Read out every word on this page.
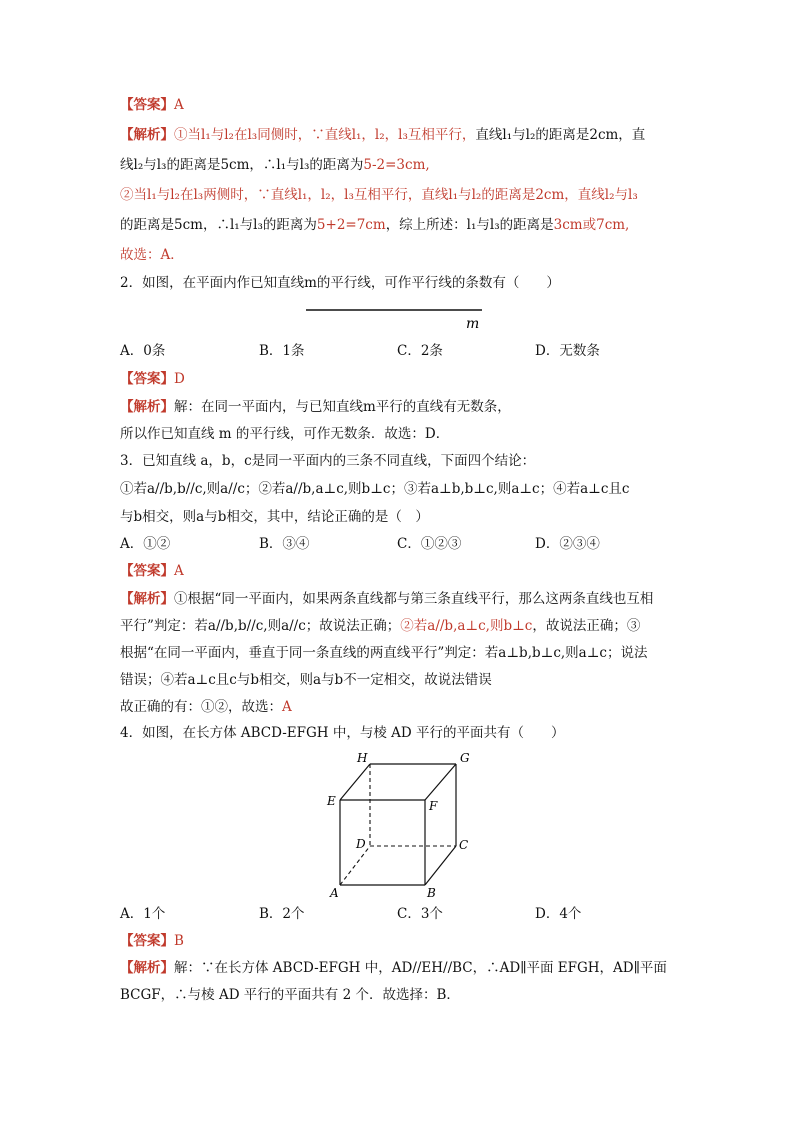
【答案】A
【解析】①当l₁与l₂在l₃同侧时，∵直线l₁，l₂，l₃互相平行，直线l₁与l₂的距离是2cm，直
线l₂与l₃的距离是5cm，∴l₁与l₃的距离为5-2=3cm,
②当l₁与l₂在l₃两侧时，∵直线l₁，l₂，l₃互相平行，直线l₁与l₂的距离是2cm，直线l₂与l₃
的距离是5cm，∴l₁与l₃的距离为5+2=7cm，综上所述：l₁与l₃的距离是3cm或7cm,
故选：A．
2．如图，在平面内作已知直线m的平行线，可作平行线的条数有（　　）
m
A．0条	B．1条	C．2条	D．无数条
【答案】D
【解析】解：在同一平面内，与已知直线m平行的直线有无数条，
所以作已知直线 m 的平行线，可作无数条．故选：D．
3．已知直线 a，b，c是同一平面内的三条不同直线，下面四个结论：
①若a//b,b//c,则a//c；②若a//b,a⊥c,则b⊥c；③若a⊥b,b⊥c,则a⊥c；④若a⊥c且c
与b相交，则a与b相交，其中，结论正确的是（　）
A．①②	B．③④	C．①②③	D．②③④
【答案】A
【解析】①根据“同一平面内，如果两条直线都与第三条直线平行，那么这两条直线也互相
平行”判定：若a//b,b//c,则a//c；故说法正确；②若a//b,a⊥c,则b⊥c，故说法正确；③
根据“在同一平面内，垂直于同一条直线的两直线平行”判定：若a⊥b,b⊥c,则a⊥c；说法
错误；④若a⊥c且c与b相交，则a与b不一定相交，故说法错误
故正确的有：①②，故选：A
4．如图，在长方体 ABCD-EFGH 中，与棱 AD 平行的平面共有（　　）
H	G
E	F
D	C
A	B
A．1个	B．2个	C．3个	D．4个
【答案】B
【解析】解：∵在长方体 ABCD-EFGH 中，AD//EH//BC，∴AD∥平面 EFGH，AD∥平面
BCGF，∴与棱 AD 平行的平面共有 2 个．故选择：B．
